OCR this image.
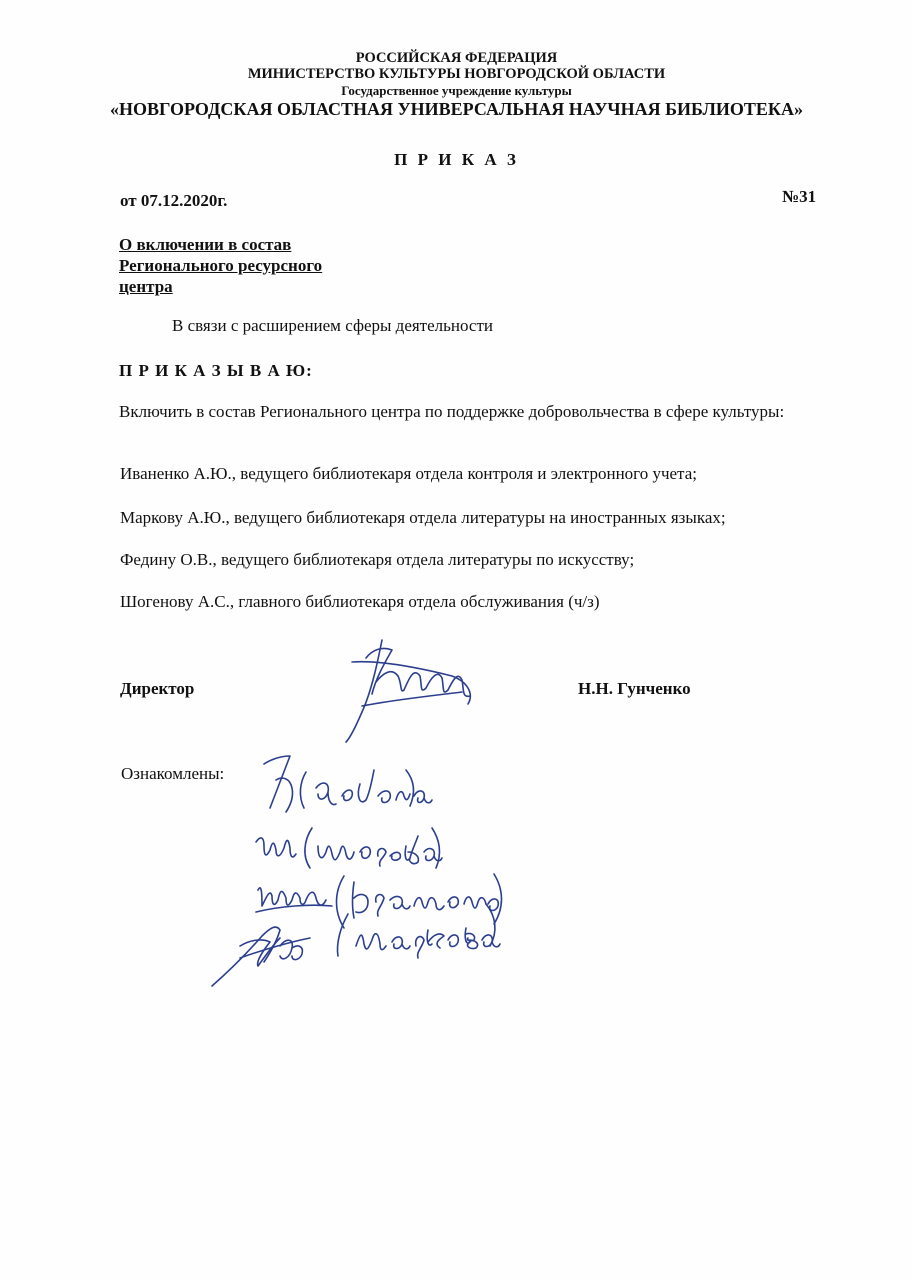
РОССИЙСКАЯ ФЕДЕРАЦИЯ

МИНИСТЕРСТВО КУЛЬТУРЫ НОВГОРОДСКОЙ ОБЛАСТИ

Государственное учреждение культуры

«НОВГОРОДСКАЯ ОБЛАСТНАЯ УНИВЕРСАЛЬНАЯ НАУЧНАЯ БИБЛИОТЕКА»

П Р И К А З

от 07.12.2020г.	№31

О включении в состав
Регионального ресурсного
центра

В связи с расширением сферы деятельности

П Р И К А З Ы В А Ю:

Включить в состав Регионального центра по поддержке добровольчества в сфере культуры:

Иваненко А.Ю., ведущего библиотекаря отдела контроля и электронного учета;

Маркову А.Ю., ведущего библиотекаря отдела литературы на иностранных языках;

Федину О.В., ведущего библиотекаря отдела литературы по искусству;

Шогенову А.С., главного библиотекаря отдела обслуживания (ч/з)

Директор	Н.Н. Гунченко

Ознакомлены:
